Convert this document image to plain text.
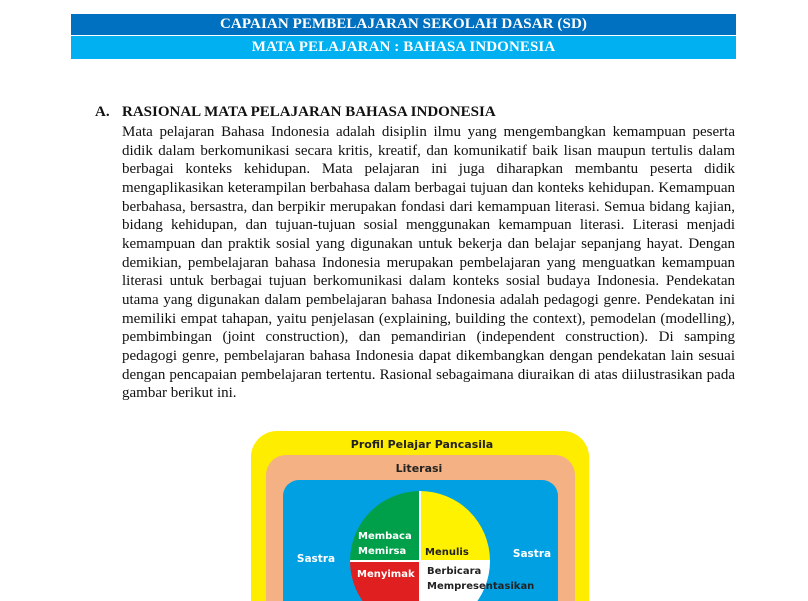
CAPAIAN PEMBELAJARAN SEKOLAH DASAR (SD)
MATA PELAJARAN : BAHASA INDONESIA
A. RASIONAL MATA PELAJARAN BAHASA INDONESIA

Mata pelajaran Bahasa Indonesia adalah disiplin ilmu yang mengembangkan kemampuan peserta didik dalam berkomunikasi secara kritis, kreatif, dan komunikatif baik lisan maupun tertulis dalam berbagai konteks kehidupan. Mata pelajaran ini juga diharapkan membantu peserta didik mengaplikasikan keterampilan berbahasa dalam berbagai tujuan dan konteks kehidupan. Kemampuan berbahasa, bersastra, dan berpikir merupakan fondasi dari kemampuan literasi. Semua bidang kajian, bidang kehidupan, dan tujuan-tujuan sosial menggunakan kemampuan literasi. Literasi menjadi kemampuan dan praktik sosial yang digunakan untuk bekerja dan belajar sepanjang hayat. Dengan demikian, pembelajaran bahasa Indonesia merupakan pembelajaran yang menguatkan kemampuan literasi untuk berbagai tujuan berkomunikasi dalam konteks sosial budaya Indonesia. Pendekatan utama yang digunakan dalam pembelajaran bahasa Indonesia adalah pedagogi genre. Pendekatan ini memiliki empat tahapan, yaitu penjelasan (explaining, building the context), pemodelan (modelling), pembimbingan (joint construction), dan pemandirian (independent construction). Di samping pedagogi genre, pembelajaran bahasa Indonesia dapat dikembangkan dengan pendekatan lain sesuai dengan pencapaian pembelajaran tertentu. Rasional sebagaimana diuraikan di atas diilustrasikan pada gambar berikut ini.

Profil Pelajar Pancasila
Literasi
Sastra	Sastra
Membaca
Memirsa Menulis
Menyimak Berbicara
Mempresentasikan
